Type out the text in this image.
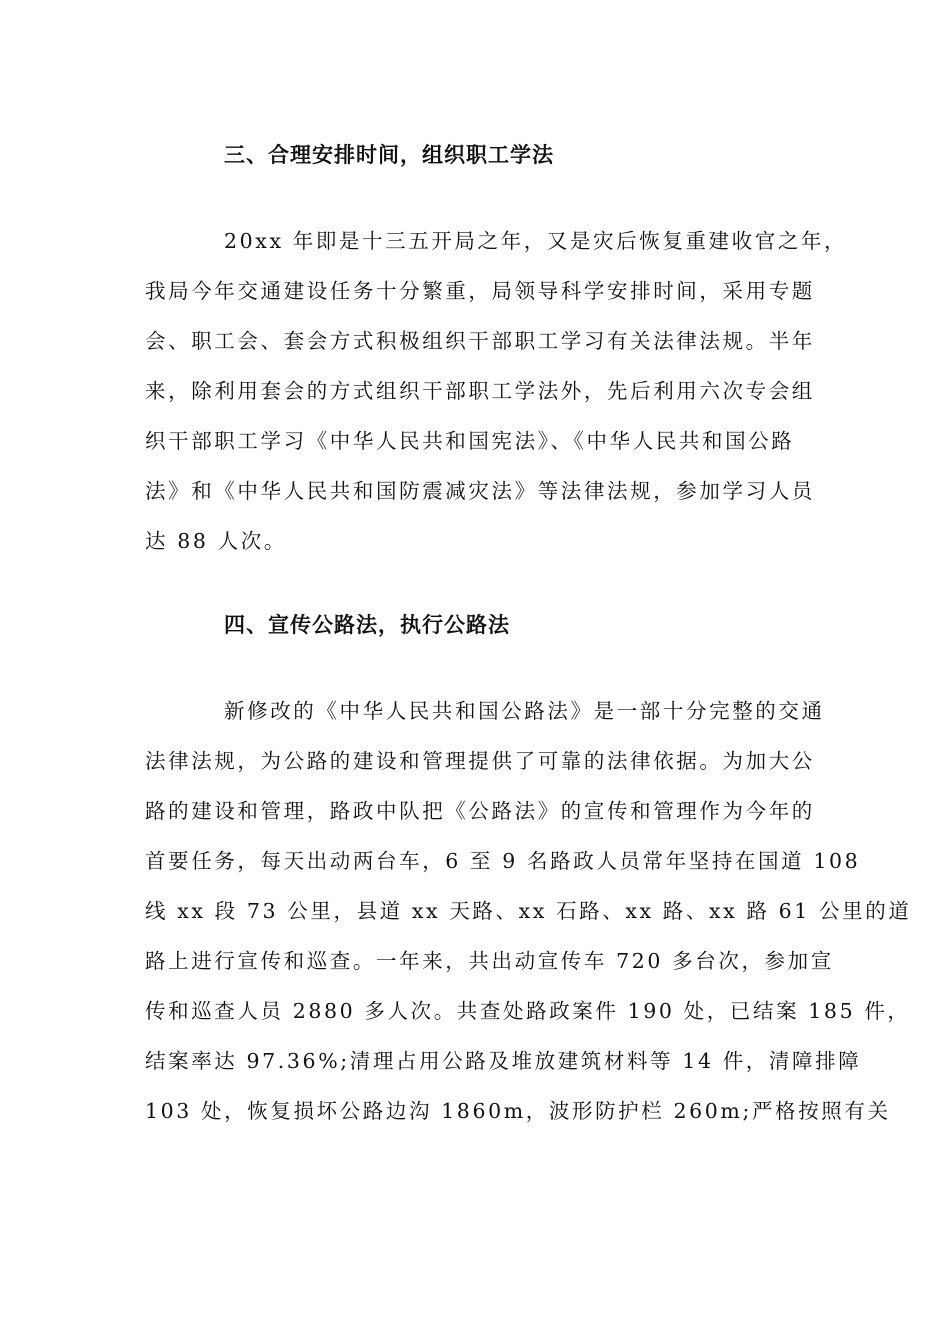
三、合理安排时间，组织职工学法
20xx 年即是十三五开局之年，又是灾后恢复重建收官之年，
我局今年交通建设任务十分繁重，局领导科学安排时间，采用专题
会、职工会、套会方式积极组织干部职工学习有关法律法规。半年
来，除利用套会的方式组织干部职工学法外，先后利用六次专会组
织干部职工学习《中华人民共和国宪法》、《中华人民共和国公路
法》和《中华人民共和国防震减灾法》等法律法规，参加学习人员
达 88 人次。
四、宣传公路法，执行公路法
新修改的《中华人民共和国公路法》是一部十分完整的交通
法律法规，为公路的建设和管理提供了可靠的法律依据。为加大公
路的建设和管理，路政中队把《公路法》的宣传和管理作为今年的
首要任务，每天出动两台车，6 至 9 名路政人员常年坚持在国道 108
线 xx 段 73 公里，县道 xx 天路、xx 石路、xx 路、xx 路 61 公里的道
路上进行宣传和巡查。一年来，共出动宣传车 720 多台次，参加宣
传和巡查人员 2880 多人次。共查处路政案件 190 处，已结案 185 件，
结案率达 97.36%;清理占用公路及堆放建筑材料等 14 件，清障排障
103 处，恢复损坏公路边沟 1860m，波形防护栏 260m;严格按照有关
